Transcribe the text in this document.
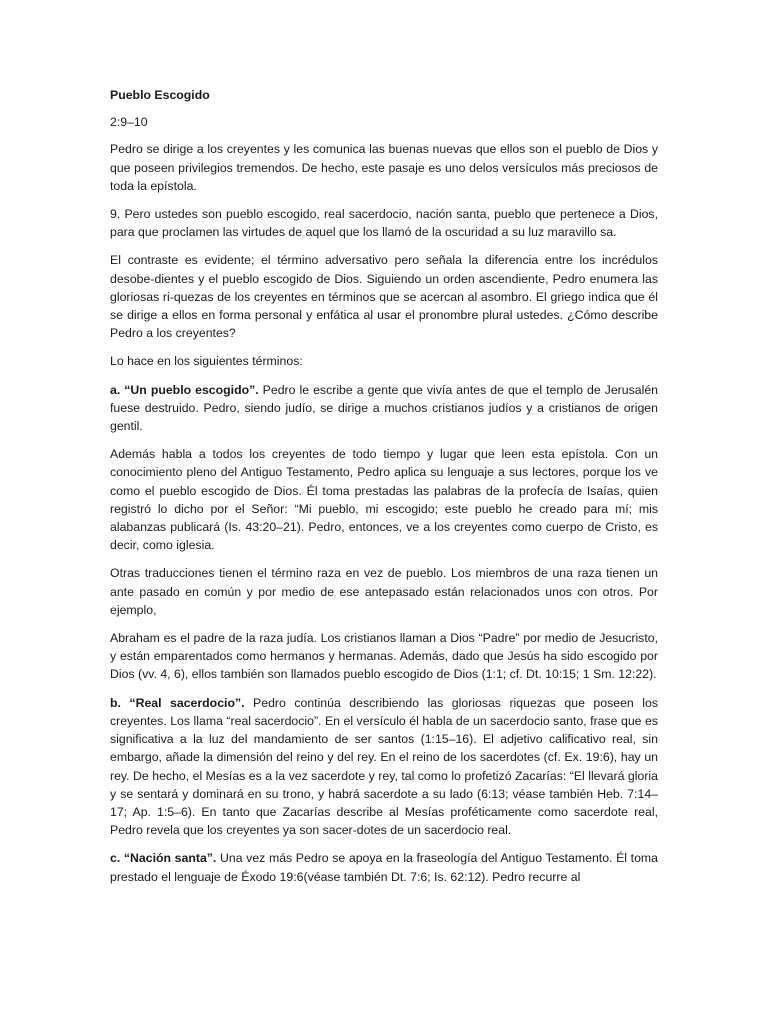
Pueblo Escogido

2:9–10

Pedro se dirige a los creyentes y les comunica las buenas nuevas que ellos son el pueblo de Dios y que poseen privilegios tremendos. De hecho, este pasaje es uno delos versículos más preciosos de toda la epístola.

9. Pero ustedes son pueblo escogido, real sacerdocio, nación santa, pueblo que pertenece a Dios, para que proclamen las virtudes de aquel que los llamó de la oscuridad a su luz maravillo sa.

El contraste es evidente; el término adversativo pero señala la diferencia entre los incrédulos desobe-dientes y el pueblo escogido de Dios. Siguiendo un orden ascendiente, Pedro enumera las gloriosas ri-quezas de los creyentes en términos que se acercan al asombro. El griego indica que él se dirige a ellos en forma personal y enfática al usar el pronombre plural ustedes. ¿Cómo describe Pedro a los creyentes?

Lo hace en los siguientes términos:

a. “Un pueblo escogido”. Pedro le escribe a gente que vivía antes de que el templo de Jerusalén fuese destruido. Pedro, siendo judío, se dirige a muchos cristianos judíos y a cristianos de origen gentil.

Además habla a todos los creyentes de todo tiempo y lugar que leen esta epístola. Con un conocimiento pleno del Antiguo Testamento, Pedro aplica su lenguaje a sus lectores, porque los ve como el pueblo escogido de Dios. Él toma prestadas las palabras de la profecía de Isaías, quien registró lo dicho por el Señor: “Mi pueblo, mi escogido; este pueblo he creado para mí; mis alabanzas publicará (Is. 43:20–21). Pedro, entonces, ve a los creyentes como cuerpo de Cristo, es decir, como iglesia.

Otras traducciones tienen el término raza en vez de pueblo. Los miembros de una raza tienen un ante pasado en común y por medio de ese antepasado están relacionados unos con otros. Por ejemplo,

Abraham es el padre de la raza judía. Los cristianos llaman a Dios “Padre” por medio de Jesucristo, y están emparentados como hermanos y hermanas. Además, dado que Jesús ha sido escogido por Dios (vv. 4, 6), ellos también son llamados pueblo escogido de Dios (1:1; cf. Dt. 10:15; 1 Sm. 12:22).

b. “Real sacerdocio”. Pedro continúa describiendo las gloriosas riquezas que poseen los creyentes. Los llama “real sacerdocio”. En el versículo él habla de un sacerdocio santo, frase que es significativa a la luz del mandamiento de ser santos (1:15–16). El adjetivo calificativo real, sin embargo, añade la dimensión del reino y del rey. En el reino de los sacerdotes (cf. Ex. 19:6), hay un rey. De hecho, el Mesías es a la vez sacerdote y rey, tal como lo profetizó Zacarías: “El llevará gloria y se sentará y dominará en su trono, y habrá sacerdote a su lado (6:13; véase también Heb. 7:14–17; Ap. 1:5–6). En tanto que Zacarías describe al Mesías proféticamente como sacerdote real, Pedro revela que los creyentes ya son sacer-dotes de un sacerdocio real.

c. “Nación santa”. Una vez más Pedro se apoya en la fraseología del Antiguo Testamento. Él toma prestado el lenguaje de Éxodo 19:6(véase también Dt. 7:6; Is. 62:12). Pedro recurre al
